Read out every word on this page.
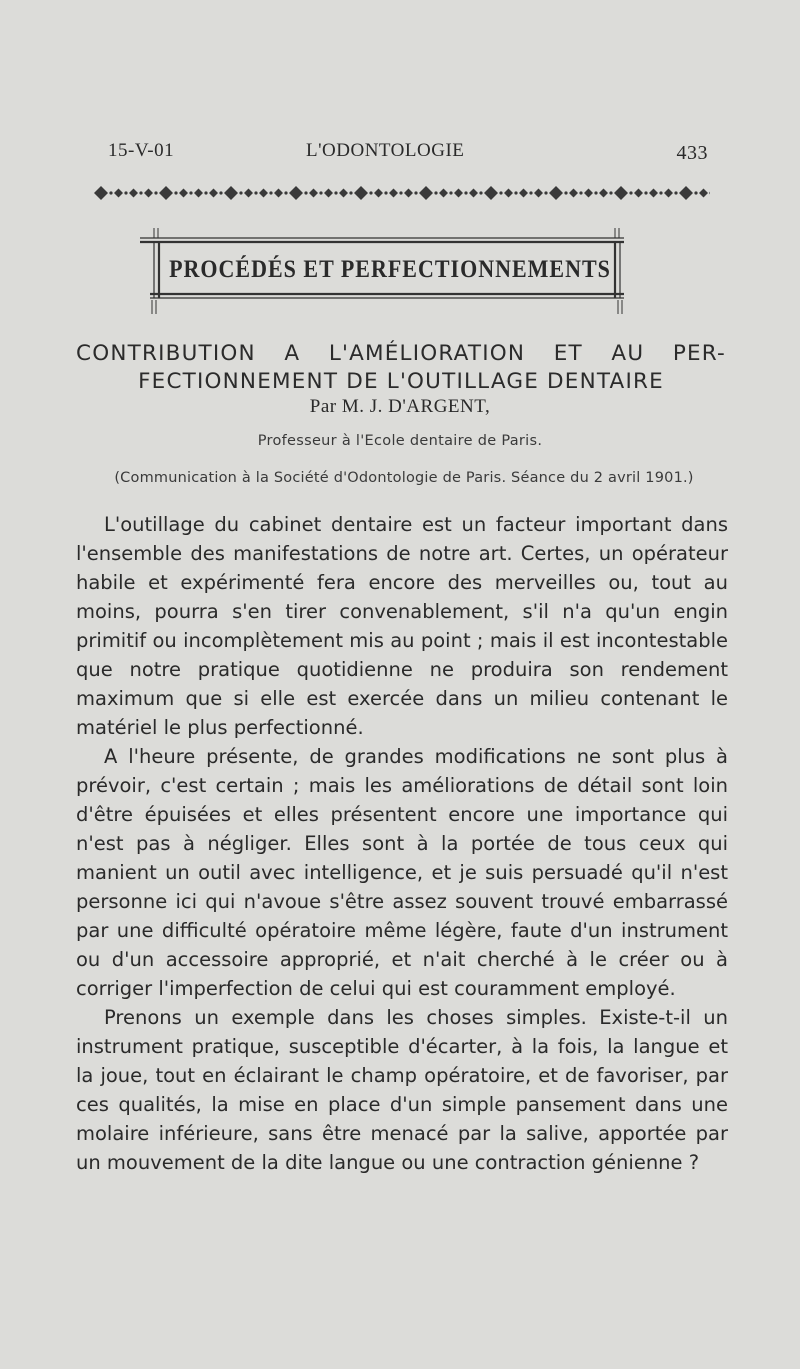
15-V-01	L'ODONTOLOGIE	433
PROCÉDÉS ET PERFECTIONNEMENTS
CONTRIBUTION A L'AMÉLIORATION ET AU PER-
FECTIONNEMENT DE L'OUTILLAGE DENTAIRE
Par M. J. D'ARGENT,
Professeur à l'Ecole dentaire de Paris.
(Communication à la Société d'Odontologie de Paris. Séance du 2 avril 1901.)

L'outillage du cabinet dentaire est un facteur important dans l'ensemble des manifestations de notre art. Certes, un opérateur habile et expérimenté fera encore des merveilles ou, tout au moins, pourra s'en tirer convenablement, s'il n'a qu'un engin primitif ou incomplètement mis au point ; mais il est incontestable que notre pratique quotidienne ne produira son rendement maximum que si elle est exercée dans un milieu contenant le matériel le plus perfectionné.

A l'heure présente, de grandes modifications ne sont plus à prévoir, c'est certain ; mais les améliorations de détail sont loin d'être épuisées et elles présentent encore une importance qui n'est pas à négliger. Elles sont à la portée de tous ceux qui manient un outil avec intelligence, et je suis persuadé qu'il n'est personne ici qui n'avoue s'être assez souvent trouvé embarrassé par une difficulté opératoire même légère, faute d'un instrument ou d'un accessoire approprié, et n'ait cherché à le créer ou à corriger l'imperfection de celui qui est couramment employé.

Prenons un exemple dans les choses simples. Existe-t-il un instrument pratique, susceptible d'écarter, à la fois, la langue et la joue, tout en éclairant le champ opératoire, et de favoriser, par ces qualités, la mise en place d'un simple pansement dans une molaire inférieure, sans être menacé par la salive, apportée par un mouvement de la dite langue ou une contraction génienne ?
